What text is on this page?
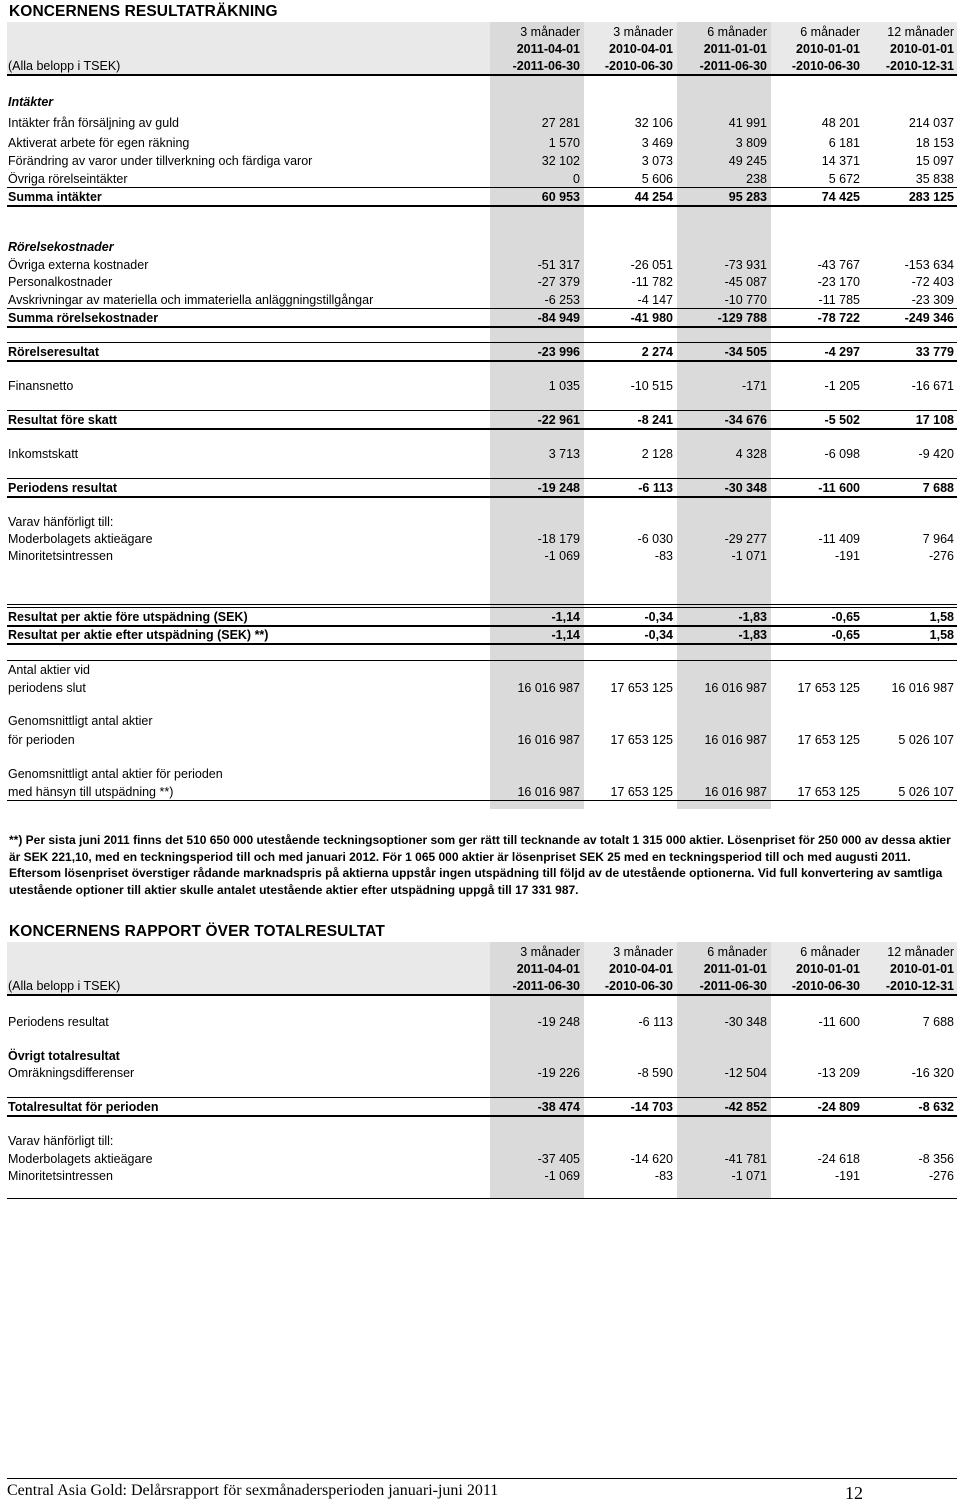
KONCERNENS RESULTATRÄKNING
3 månader	3 månader	6 månader	6 månader	12 månader
2011-04-01	2010-04-01	2011-01-01	2010-01-01	2010-01-01
(Alla belopp i TSEK)	-2011-06-30	-2010-06-30	-2011-06-30	-2010-06-30	-2010-12-31
Intäkter
Intäkter från försäljning av guld	27 281	32 106	41 991	48 201	214 037
Aktiverat arbete för egen räkning	1 570	3 469	3 809	6 181	18 153
Förändring av varor under tillverkning och färdiga varor	32 102	3 073	49 245	14 371	15 097
Övriga rörelseintäkter	0	5 606	238	5 672	35 838
Summa intäkter	60 953	44 254	95 283	74 425	283 125
Rörelsekostnader
Övriga externa kostnader	-51 317	-26 051	-73 931	-43 767	-153 634
Personalkostnader	-27 379	-11 782	-45 087	-23 170	-72 403
Avskrivningar av materiella och immateriella anläggningstillgångar	-6 253	-4 147	-10 770	-11 785	-23 309
Summa rörelsekostnader	-84 949	-41 980	-129 788	-78 722	-249 346
Rörelseresultat	-23 996	2 274	-34 505	-4 297	33 779
Finansnetto	1 035	-10 515	-171	-1 205	-16 671
Resultat före skatt	-22 961	-8 241	-34 676	-5 502	17 108
Inkomstskatt	3 713	2 128	4 328	-6 098	-9 420
Periodens resultat	-19 248	-6 113	-30 348	-11 600	7 688
Varav hänförligt till:
Moderbolagets aktieägare	-18 179	-6 030	-29 277	-11 409	7 964
Minoritetsintressen	-1 069	-83	-1 071	-191	-276
Resultat per aktie före utspädning (SEK)	-1,14	-0,34	-1,83	-0,65	1,58
Resultat per aktie efter utspädning (SEK) **)	-1,14	-0,34	-1,83	-0,65	1,58
Antal aktier vid
periodens slut	16 016 987	17 653 125	16 016 987	17 653 125	16 016 987
Genomsnittligt antal aktier
för perioden	16 016 987	17 653 125	16 016 987	17 653 125	5 026 107
Genomsnittligt antal aktier för perioden
med hänsyn till utspädning **)	16 016 987	17 653 125	16 016 987	17 653 125	5 026 107
**) Per sista juni 2011 finns det 510 650 000 utestående teckningsoptioner som ger rätt till tecknande av totalt 1 315 000 aktier. Lösenpriset för 250 000 av dessa aktier är SEK 221,10, med en teckningsperiod till och med januari 2012. För 1 065 000 aktier är lösenpriset SEK 25 med en teckningsperiod till och med augusti 2011. Eftersom lösenpriset överstiger rådande marknadspris på aktierna uppstår ingen utspädning till följd av de utestående optionerna. Vid full konvertering av samtliga utestående optioner till aktier skulle antalet utestående aktier efter utspädning uppgå till 17 331 987.
KONCERNENS RAPPORT ÖVER TOTALRESULTAT
3 månader	3 månader	6 månader	6 månader	12 månader
2011-04-01	2010-04-01	2011-01-01	2010-01-01	2010-01-01
(Alla belopp i TSEK)	-2011-06-30	-2010-06-30	-2011-06-30	-2010-06-30	-2010-12-31
Periodens resultat	-19 248	-6 113	-30 348	-11 600	7 688
Övrigt totalresultat
Omräkningsdifferenser	-19 226	-8 590	-12 504	-13 209	-16 320
Totalresultat för perioden	-38 474	-14 703	-42 852	-24 809	-8 632
Varav hänförligt till:
Moderbolagets aktieägare	-37 405	-14 620	-41 781	-24 618	-8 356
Minoritetsintressen	-1 069	-83	-1 071	-191	-276
Central Asia Gold: Delårsrapport för sexmånadersperioden januari-juni 2011	12
